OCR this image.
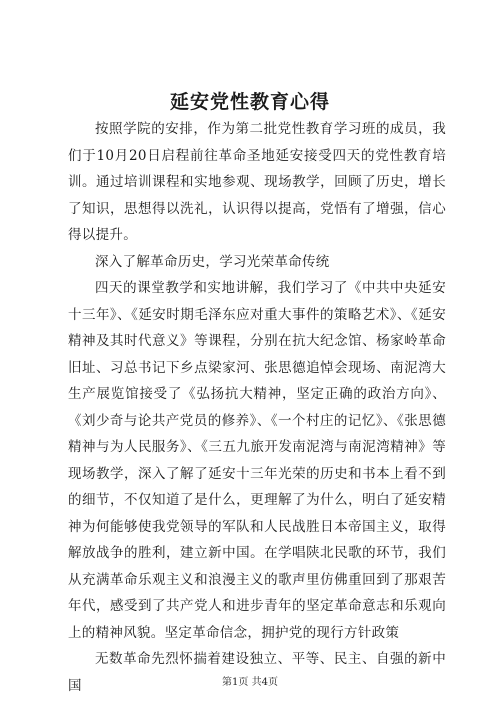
延安党性教育心得

按照学院的安排，作为第二批党性教育学习班的成员，我们于10月20日启程前往革命圣地延安接受四天的党性教育培训。通过培训课程和实地参观、现场教学，回顾了历史，增长了知识，思想得以洗礼，认识得以提高，党悟有了增强，信心得以提升。

深入了解革命历史，学习光荣革命传统

四天的课堂教学和实地讲解，我们学习了《中共中央延安十三年》、《延安时期毛泽东应对重大事件的策略艺术》、《延安精神及其时代意义》等课程，分别在抗大纪念馆、杨家岭革命旧址、习总书记下乡点梁家河、张思德追悼会现场、南泥湾大生产展览馆接受了《弘扬抗大精神，坚定正确的政治方向》、《刘少奇与论共产党员的修养》、《一个村庄的记忆》、《张思德精神与为人民服务》、《三五九旅开发南泥湾与南泥湾精神》等现场教学，深入了解了延安十三年光荣的历史和书本上看不到的细节，不仅知道了是什么，更理解了为什么，明白了延安精神为何能够使我党领导的军队和人民战胜日本帝国主义，取得解放战争的胜利，建立新中国。在学唱陕北民歌的环节，我们从充满革命乐观主义和浪漫主义的歌声里仿佛重回到了那艰苦年代，感受到了共产党人和进步青年的坚定革命意志和乐观向上的精神风貌。坚定革命信念，拥护党的现行方针政策

无数革命先烈怀揣着建设独立、平等、民主、自强的新中国	第1页 共4页
